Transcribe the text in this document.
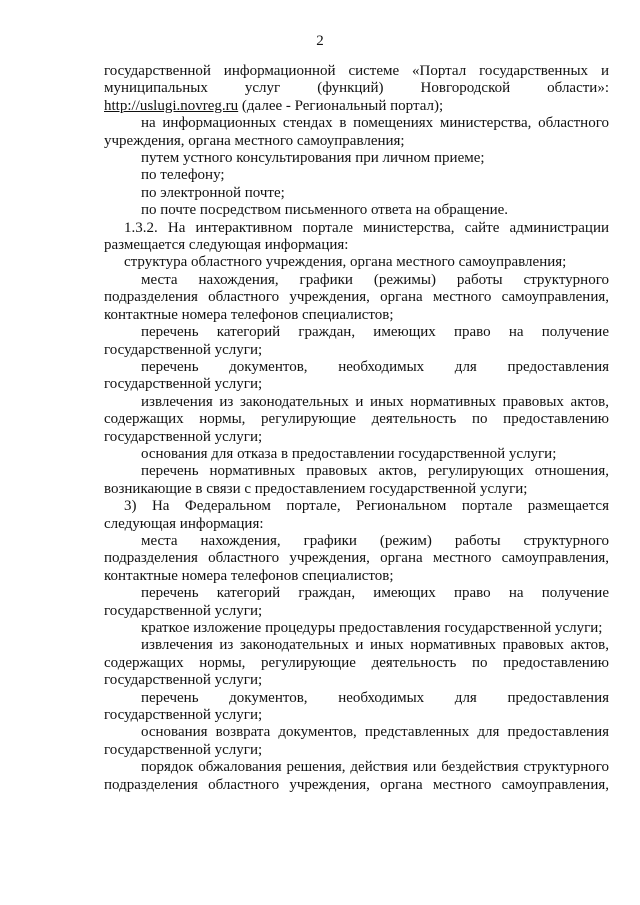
2

государственной информационной системе «Портал государственных и муниципальных услуг (функций) Новгородской области»: http://uslugi.novreg.ru (далее - Региональный портал);

на информационных стендах в помещениях министерства, областного учреждения, органа местного самоуправления;

путем устного консультирования при личном приеме;

по телефону;

по электронной почте;

по почте посредством письменного ответа на обращение.

1.3.2. На интерактивном портале министерства, сайте администрации размещается следующая информация:

структура областного учреждения, органа местного самоуправления;

места нахождения, графики (режимы) работы структурного подразделения областного учреждения, органа местного самоуправления, контактные номера телефонов специалистов;

перечень категорий граждан, имеющих право на получение государственной услуги;

перечень документов, необходимых для предоставления государственной услуги;

извлечения из законодательных и иных нормативных правовых актов, содержащих нормы, регулирующие деятельность по предоставлению государственной услуги;

основания для отказа в предоставлении государственной услуги;

перечень нормативных правовых актов, регулирующих отношения, возникающие в связи с предоставлением государственной услуги;

3) На Федеральном портале, Региональном портале размещается следующая информация:

места нахождения, графики (режим) работы структурного подразделения областного учреждения, органа местного самоуправления, контактные номера телефонов специалистов;

перечень категорий граждан, имеющих право на получение государственной услуги;

краткое изложение процедуры предоставления государственной услуги;

извлечения из законодательных и иных нормативных правовых актов, содержащих нормы, регулирующие деятельность по предоставлению государственной услуги;

перечень документов, необходимых для предоставления государственной услуги;

основания возврата документов, представленных для предоставления государственной услуги;

порядок обжалования решения, действия или бездействия структурного подразделения областного учреждения, органа местного самоуправления,
